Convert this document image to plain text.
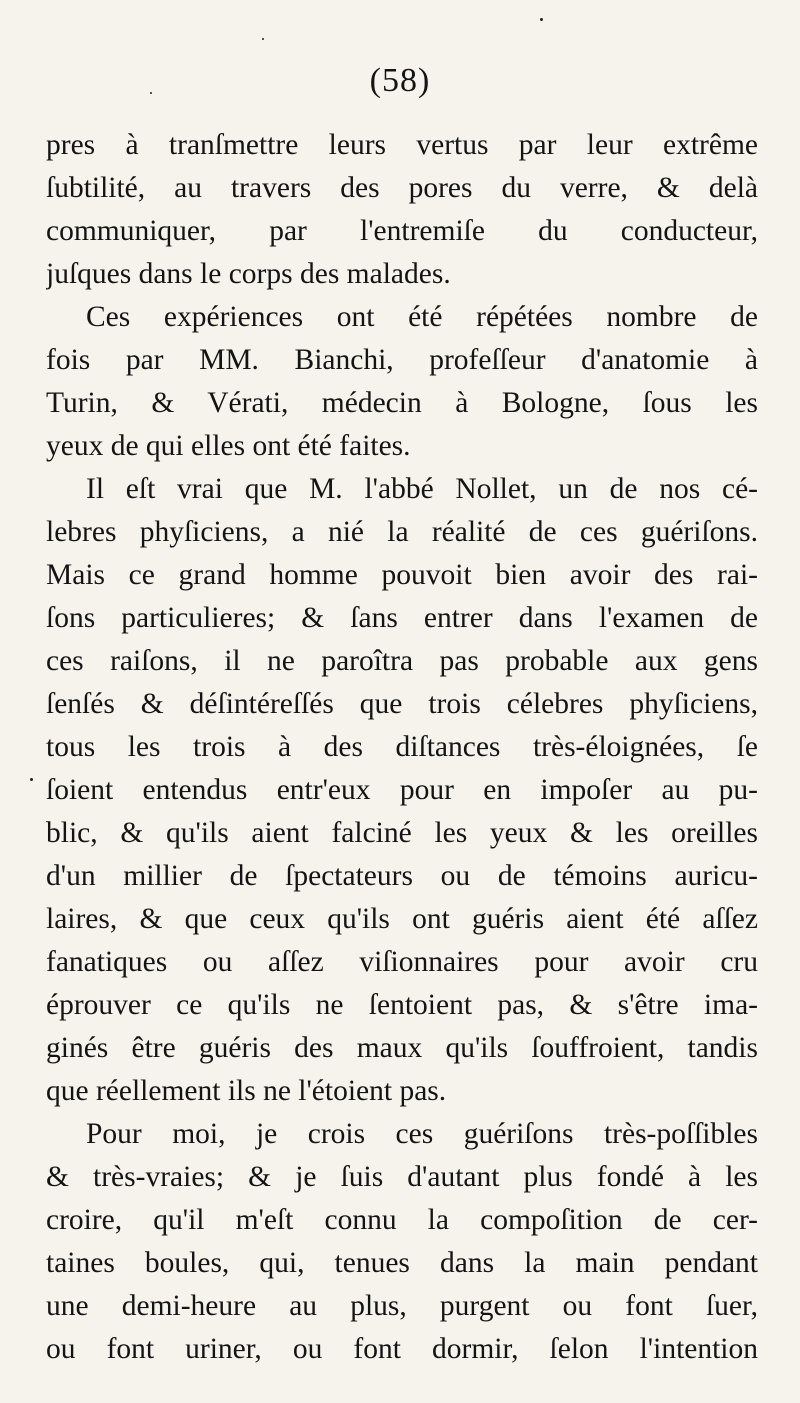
(58)
pres à tranſmettre leurs vertus par leur extrême
ſubtilité, au travers des pores du verre, & delà
communiquer, par l'entremiſe du conducteur,
juſques dans le corps des malades.
Ces expériences ont été répétées nombre de
fois par MM. Bianchi, profeſſeur d'anatomie à
Turin, & Vérati, médecin à Bologne, ſous les
yeux de qui elles ont été faites.
Il eſt vrai que M. l'abbé Nollet, un de nos cé-
lebres phyſiciens, a nié la réalité de ces guériſons.
Mais ce grand homme pouvoit bien avoir des rai-
ſons particulieres; & ſans entrer dans l'examen de
ces raiſons, il ne paroîtra pas probable aux gens
ſenſés & déſintéreſſés que trois célebres phyſiciens,
tous les trois à des diſtances très-éloignées, ſe
ſoient entendus entr'eux pour en impoſer au pu-
blic, & qu'ils aient falciné les yeux & les oreilles
d'un millier de ſpectateurs ou de témoins auricu-
laires, & que ceux qu'ils ont guéris aient été aſſez
fanatiques ou aſſez viſionnaires pour avoir cru
éprouver ce qu'ils ne ſentoient pas, & s'être ima-
ginés être guéris des maux qu'ils ſouffroient, tandis
que réellement ils ne l'étoient pas.
Pour moi, je crois ces guériſons très-poſſibles
& très-vraies; & je ſuis d'autant plus fondé à les
croire, qu'il m'eſt connu la compoſition de cer-
taines boules, qui, tenues dans la main pendant
une demi-heure au plus, purgent ou font ſuer,
ou font uriner, ou font dormir, ſelon l'intention
